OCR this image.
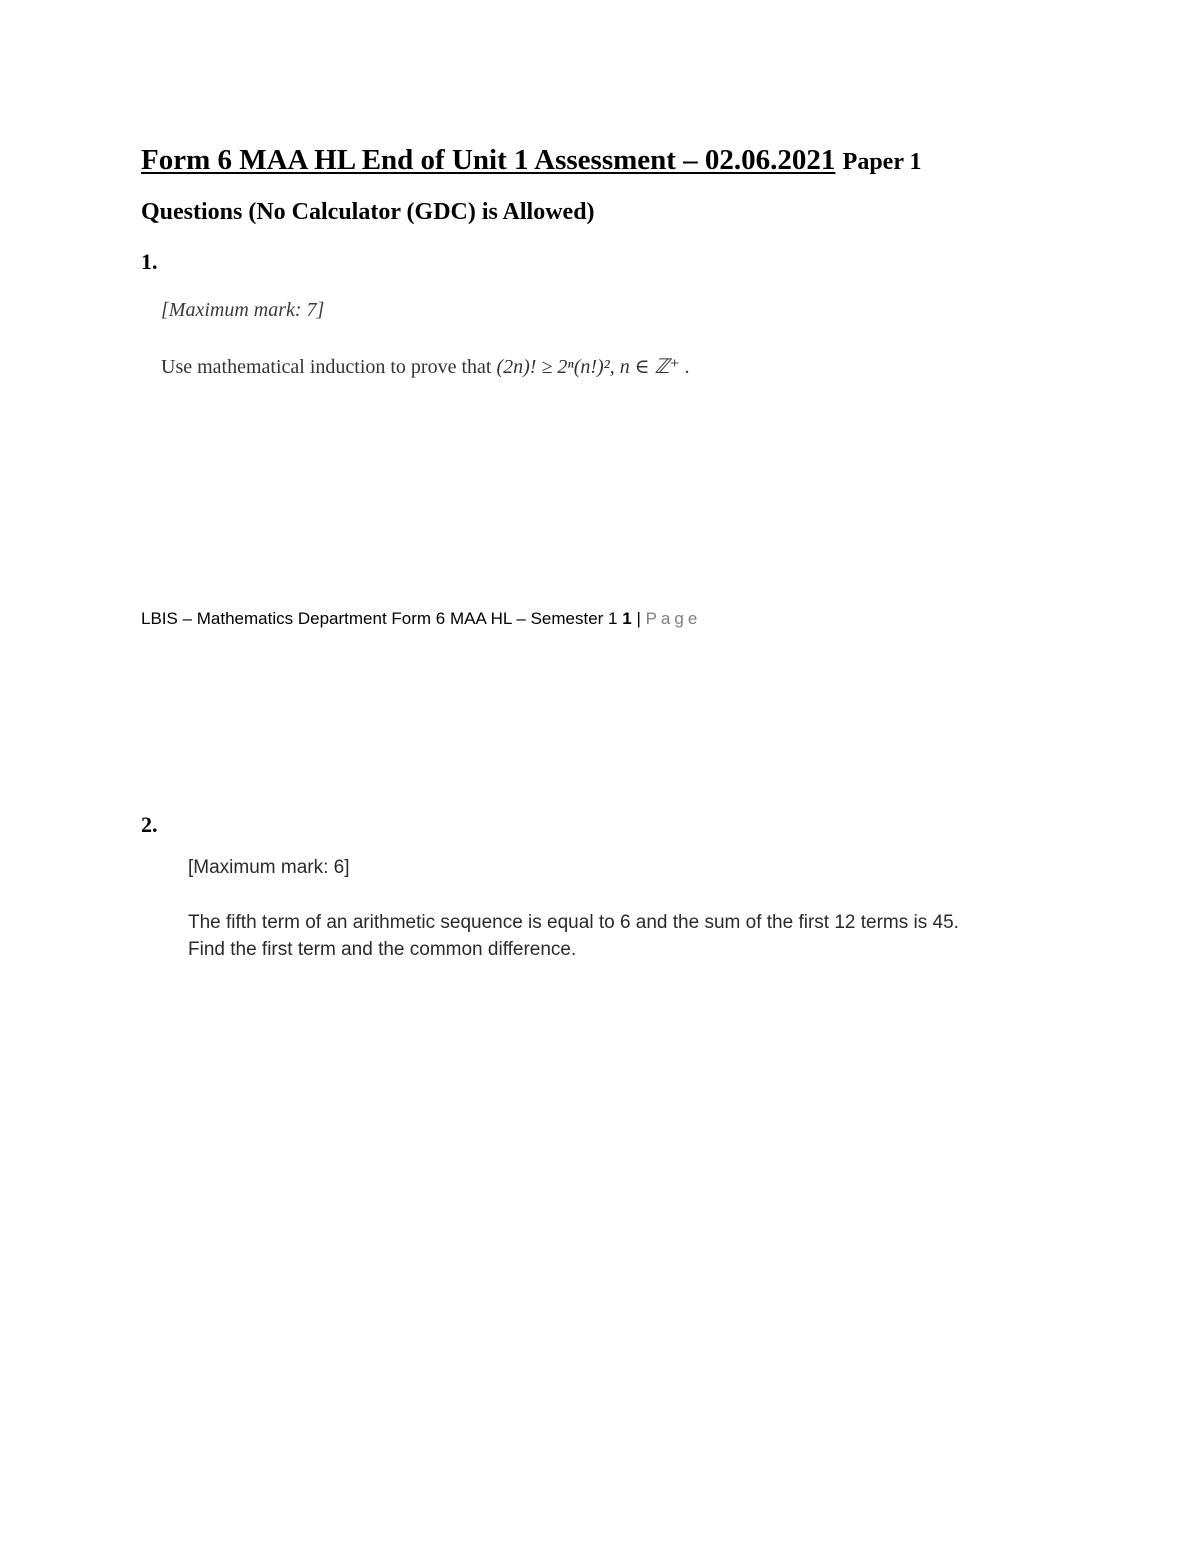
Form 6 MAA HL End of Unit 1 Assessment – 02.06.2021 Paper 1
Questions (No Calculator (GDC) is Allowed)
1.
[Maximum mark: 7]
Use mathematical induction to prove that (2n)! ≥ 2ⁿ(n!)², n ∈ ℤ⁺ .
LBIS – Mathematics Department Form 6 MAA HL – Semester 1 1 | Page
2.
[Maximum mark: 6]
The fifth term of an arithmetic sequence is equal to 6 and the sum of the first 12 terms is 45.
Find the first term and the common difference.
